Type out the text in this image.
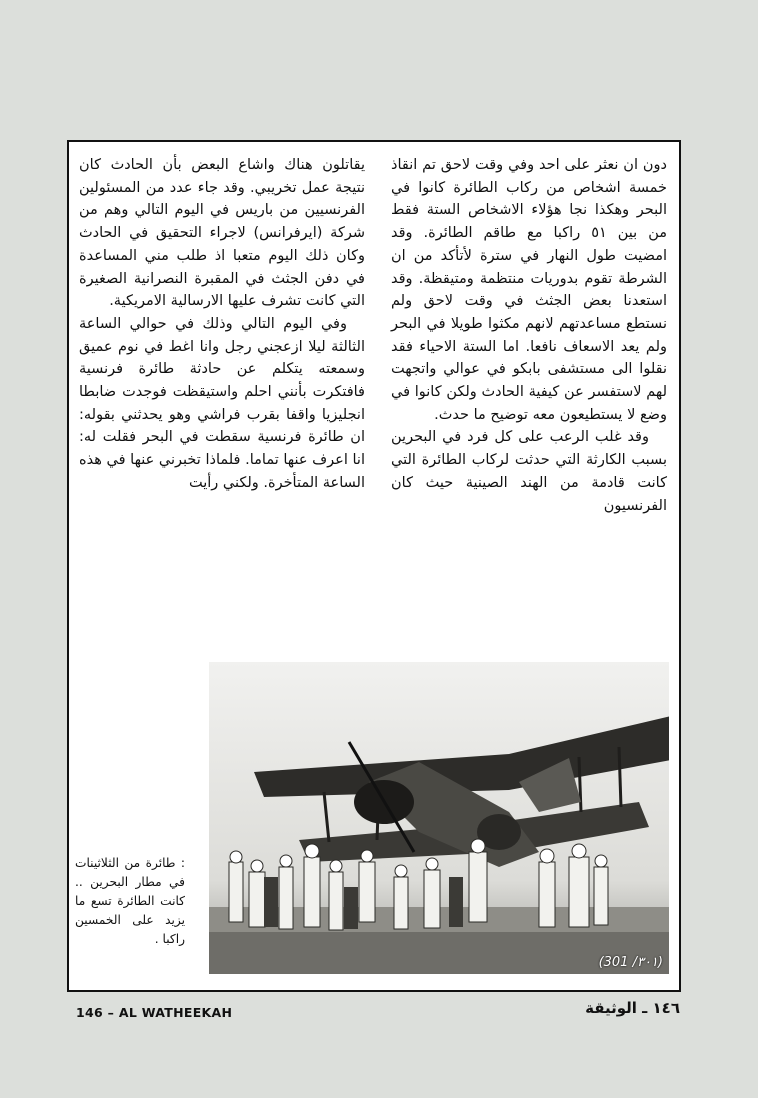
دون ان نعثر على احد وفي وقت لاحق تم انقاذ خمسة اشخاص من ركاب الطائرة كانوا في البحر وهكذا نجا هؤلاء الاشخاص الستة فقط من بين ٥١ راكبا مع طاقم الطائرة. وقد امضيت طول النهار في سترة لأتأكد من ان الشرطة تقوم بدوريات منتظمة ومتيقظة. وقد استعدنا بعض الجثث في وقت لاحق ولم نستطع مساعدتهم لانهم مكثوا طويلا في البحر ولم يعد الاسعاف نافعا. اما الستة الاحياء فقد نقلوا الى مستشفى بابكو في عوالي واتجهت لهم لاستفسر عن كيفية الحادث ولكن كانوا في وضع لا يستطيعون معه توضيح ما حدث.

وقد غلب الرعب على كل فرد في البحرين بسبب الكارثة التي حدثت لركاب الطائرة التي كانت قادمة من الهند الصينية حيث كان الفرنسيون

يقاتلون هناك واشاع البعض بأن الحادث كان نتيجة عمل تخريبي. وقد جاء عدد من المسئولين الفرنسيين من باريس في اليوم التالي وهم من شركة (ايرفرانس) لاجراء التحقيق في الحادث وكان ذلك اليوم متعبا اذ طلب مني المساعدة في دفن الجثث في المقبرة النصرانية الصغيرة التي كانت تشرف عليها الارسالية الامريكية.

وفي اليوم التالي وذلك في حوالي الساعة الثالثة ليلا ازعجني رجل وانا اغط في نوم عميق وسمعته يتكلم عن حادثة طائرة فرنسية فافتكرت بأنني احلم واستيقظت فوجدت ضابطا انجليزيا واقفا بقرب فراشي وهو يحدثني بقوله: ان طائرة فرنسية سقطت في البحر فقلت له: انا اعرف عنها تماما. فلماذا تخبرني عنها في هذه الساعة المتأخرة. ولكني رأيت

(301 /٣٠١)
: طائرة من الثلاثينات في مطار البحرين .. كانت الطائرة تسع ما يزيد على الخمسين راكبا .
146 – AL WATHEEKAH	١٤٦ ـ الوثيقة
